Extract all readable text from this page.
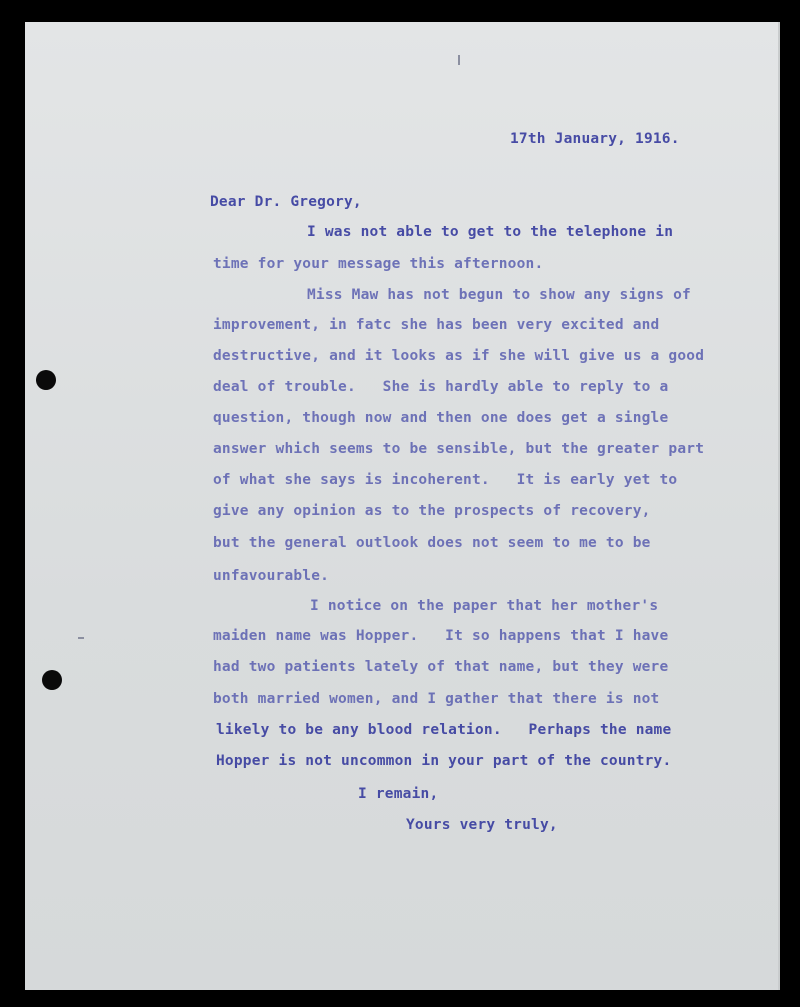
17th January, 1916.
Dear Dr. Gregory,
I was not able to get to the telephone in
time for your message this afternoon.
Miss Maw has not begun to show any signs of
improvement, in fatc she has been very excited and
destructive, and it looks as if she will give us a good
deal of trouble.   She is hardly able to reply to a
question, though now and then one does get a single
answer which seems to be sensible, but the greater part
of what she says is incoherent.   It is early yet to
give any opinion as to the prospects of recovery,
but the general outlook does not seem to me to be
unfavourable.
I notice on the paper that her mother's
maiden name was Hopper.   It so happens that I have
had two patients lately of that name, but they were
both married women, and I gather that there is not
likely to be any blood relation.   Perhaps the name
Hopper is not uncommon in your part of the country.
I remain,
Yours very truly,
